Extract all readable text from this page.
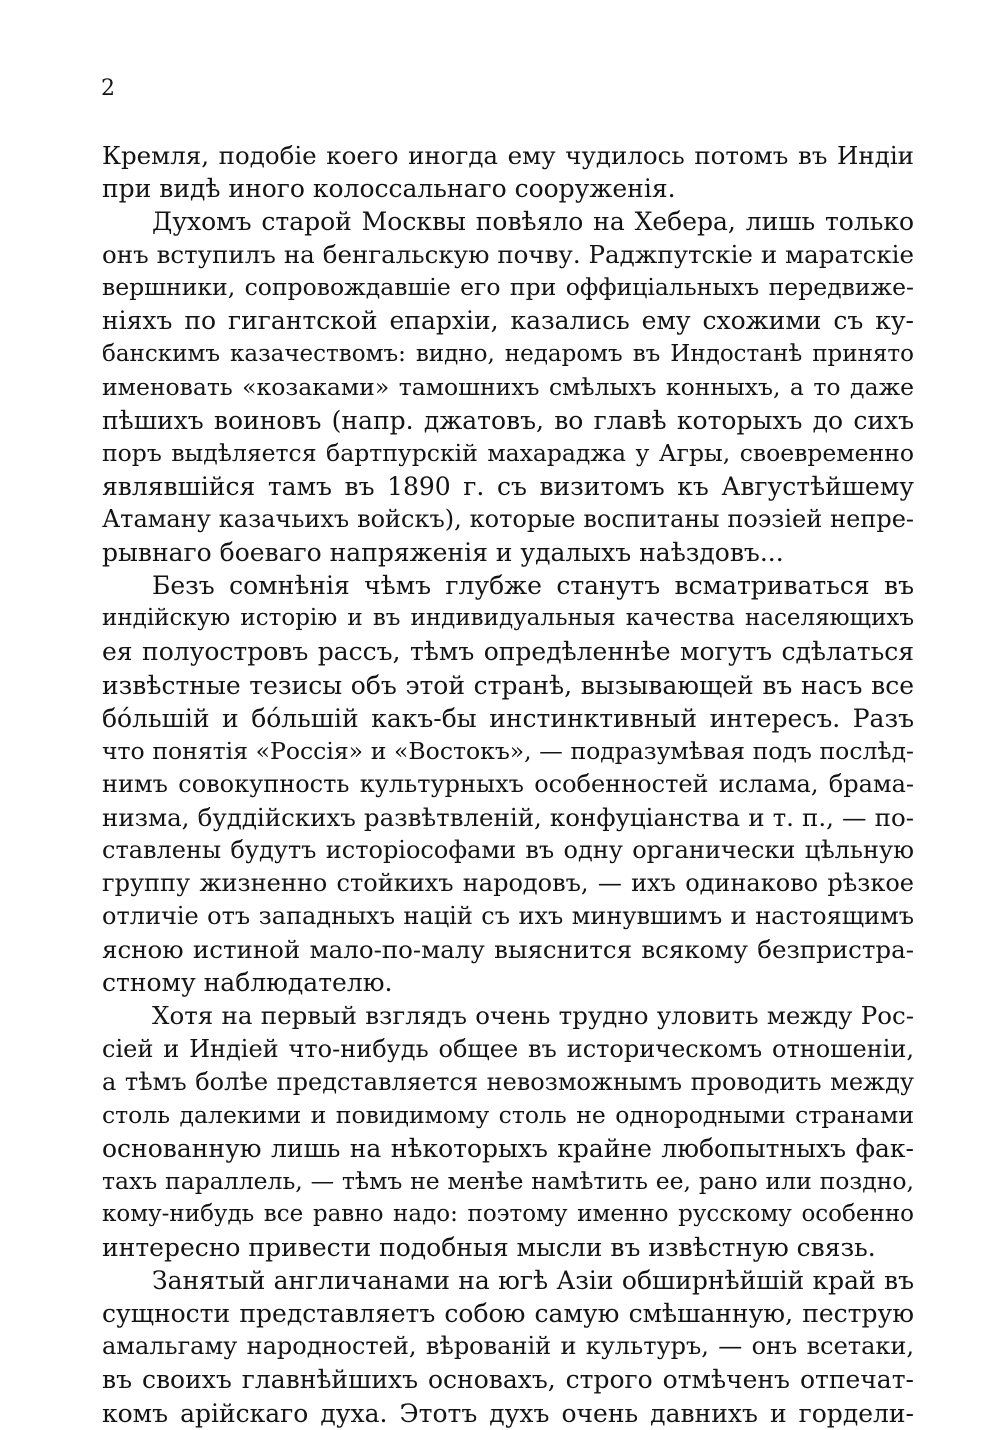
2
Кремля, подобіе коего иногда ему чудилось потомъ въ Индіи
при видѣ иного колоссальнаго сооруженія.
Духомъ старой Москвы повѣяло на Хебера, лишь только
онъ вступилъ на бенгальскую почву. Раджпутскіе и маратскіе
вершники, сопровождавшіе его при оффиціальныхъ передвиже-
ніяхъ по гигантской епархіи, казались ему схожими съ ку-
банскимъ казачествомъ: видно, недаромъ въ Индостанѣ принято
именовать «козаками» тамошнихъ смѣлыхъ конныхъ, а то даже
пѣшихъ воиновъ (напр. джатовъ, во главѣ которыхъ до сихъ
поръ выдѣляется бартпурскій махараджа у Агры, своевременно
являвшійся тамъ въ 1890 г. съ визитомъ къ Августѣйшему
Атаману казачьихъ войскъ), которые воспитаны поэзіей непре-
рывнаго боеваго напряженія и удалыхъ наѣздовъ...
Безъ сомнѣнія чѣмъ глубже станутъ всматриваться въ
индійскую исторію и въ индивидуальныя качества населяющихъ
ея полуостровъ рассъ, тѣмъ опредѣленнѣе могутъ сдѣлаться
извѣстные тезисы объ этой странѣ, вызывающей въ насъ все
бóльшій и бóльшій какъ-бы инстинктивный интересъ. Разъ
что понятія «Россія» и «Востокъ», — подразумѣвая подъ послѣд-
нимъ совокупность культурныхъ особенностей ислама, брама-
низма, буддійскихъ развѣтвленій, конфуціанства и т. п., — по-
ставлены будутъ исторіософами въ одну органически цѣльную
группу жизненно стойкихъ народовъ, — ихъ одинаково рѣзкое
отличіе отъ западныхъ націй съ ихъ минувшимъ и настоящимъ
ясною истиной мало-по-малу выяснится всякому безпристра-
стному наблюдателю.
Хотя на первый взглядъ очень трудно уловить между Рос-
сіей и Индіей что-нибудь общее въ историческомъ отношеніи,
а тѣмъ болѣе представляется невозможнымъ проводить между
столь далекими и повидимому столь не однородными странами
основанную лишь на нѣкоторыхъ крайне любопытныхъ фак-
тахъ параллель, — тѣмъ не менѣе намѣтить ее, рано или поздно,
кому-нибудь все равно надо: поэтому именно русскому особенно
интересно привести подобныя мысли въ извѣстную связь.
Занятый англичанами на югѣ Азіи обширнѣйшій край въ
сущности представляетъ собою самую смѣшанную, пеструю
амальгаму народностей, вѣрованій и культуръ, — онъ всетаки,
въ своихъ главнѣйшихъ основахъ, строго отмѣченъ отпечат-
комъ арійскаго духа. Этотъ духъ очень давнихъ и гордели-
